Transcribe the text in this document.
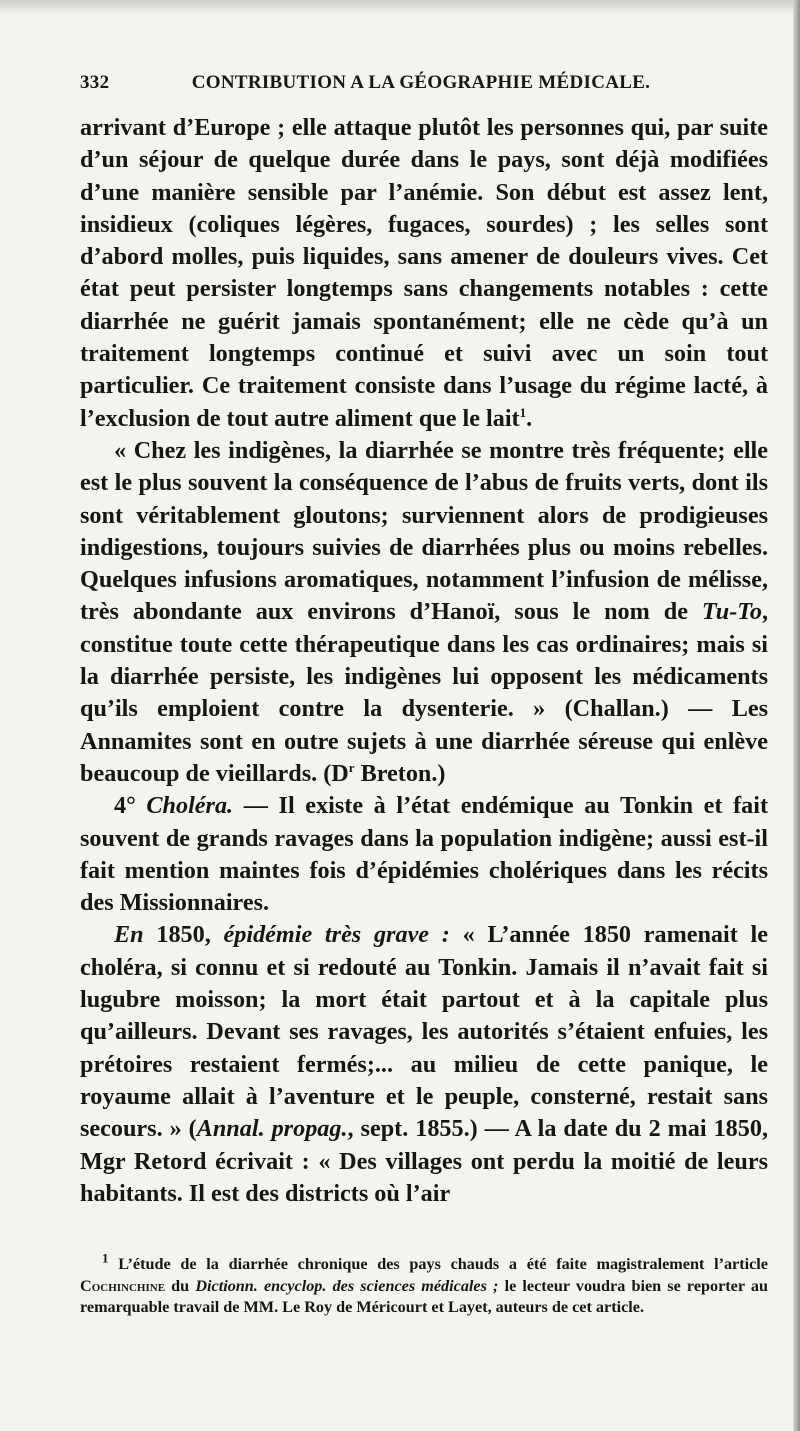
332	CONTRIBUTION A LA GÉOGRAPHIE MÉDICALE.

arrivant d’Europe ; elle attaque plutôt les personnes qui, par suite d’un séjour de quelque durée dans le pays, sont déjà modifiées d’une manière sensible par l’anémie. Son début est assez lent, insidieux (coliques légères, fugaces, sourdes) ; les selles sont d’abord molles, puis liquides, sans amener de douleurs vives. Cet état peut persister longtemps sans changements notables : cette diarrhée ne guérit jamais spontanément; elle ne cède qu’à un traitement longtemps continué et suivi avec un soin tout particulier. Ce traitement consiste dans l’usage du régime lacté, à l’exclusion de tout autre aliment que le lait$^1$.

« Chez les indigènes, la diarrhée se montre très fréquente; elle est le plus souvent la conséquence de l’abus de fruits verts, dont ils sont véritablement gloutons; surviennent alors de prodigieuses indigestions, toujours suivies de diarrhées plus ou moins rebelles. Quelques infusions aromatiques, notamment l’infusion de mélisse, très abondante aux environs d’Hanoï, sous le nom de Tu-To, constitue toute cette thérapeutique dans les cas ordinaires; mais si la diarrhée persiste, les indigènes lui opposent les médicaments qu’ils emploient contre la dysenterie. » (Challan.) — Les Annamites sont en outre sujets à une diarrhée séreuse qui enlève beaucoup de vieillards. ($D^r$ Breton.)

4° Choléra. — Il existe à l’état endémique au Tonkin et fait souvent de grands ravages dans la population indigène; aussi est-il fait mention maintes fois d’épidémies cholériques dans les récits des Missionnaires.

En 1850, épidémie très grave : « L’année 1850 ramenait le choléra, si connu et si redouté au Tonkin. Jamais il n’avait fait si lugubre moisson; la mort était partout et à la capitale plus qu’ailleurs. Devant ses ravages, les autorités s’étaient enfuies, les prétoires restaient fermés;... au milieu de cette panique, le royaume allait à l’aventure et le peuple, consterné, restait sans secours. » (Annal. propag., sept. 1855.) — A la date du 2 mai 1850, Mgr Retord écrivait : « Des villages ont perdu la moitié de leurs habitants. Il est des districts où l’air

$^1$ L’étude de la diarrhée chronique des pays chauds a été faite magistralement l’article Cochinchine du Dictionn. encyclop. des sciences médicales ; le lecteur voudra bien se reporter au remarquable travail de MM. Le Roy de Méricourt et Layet, auteurs de cet article.
